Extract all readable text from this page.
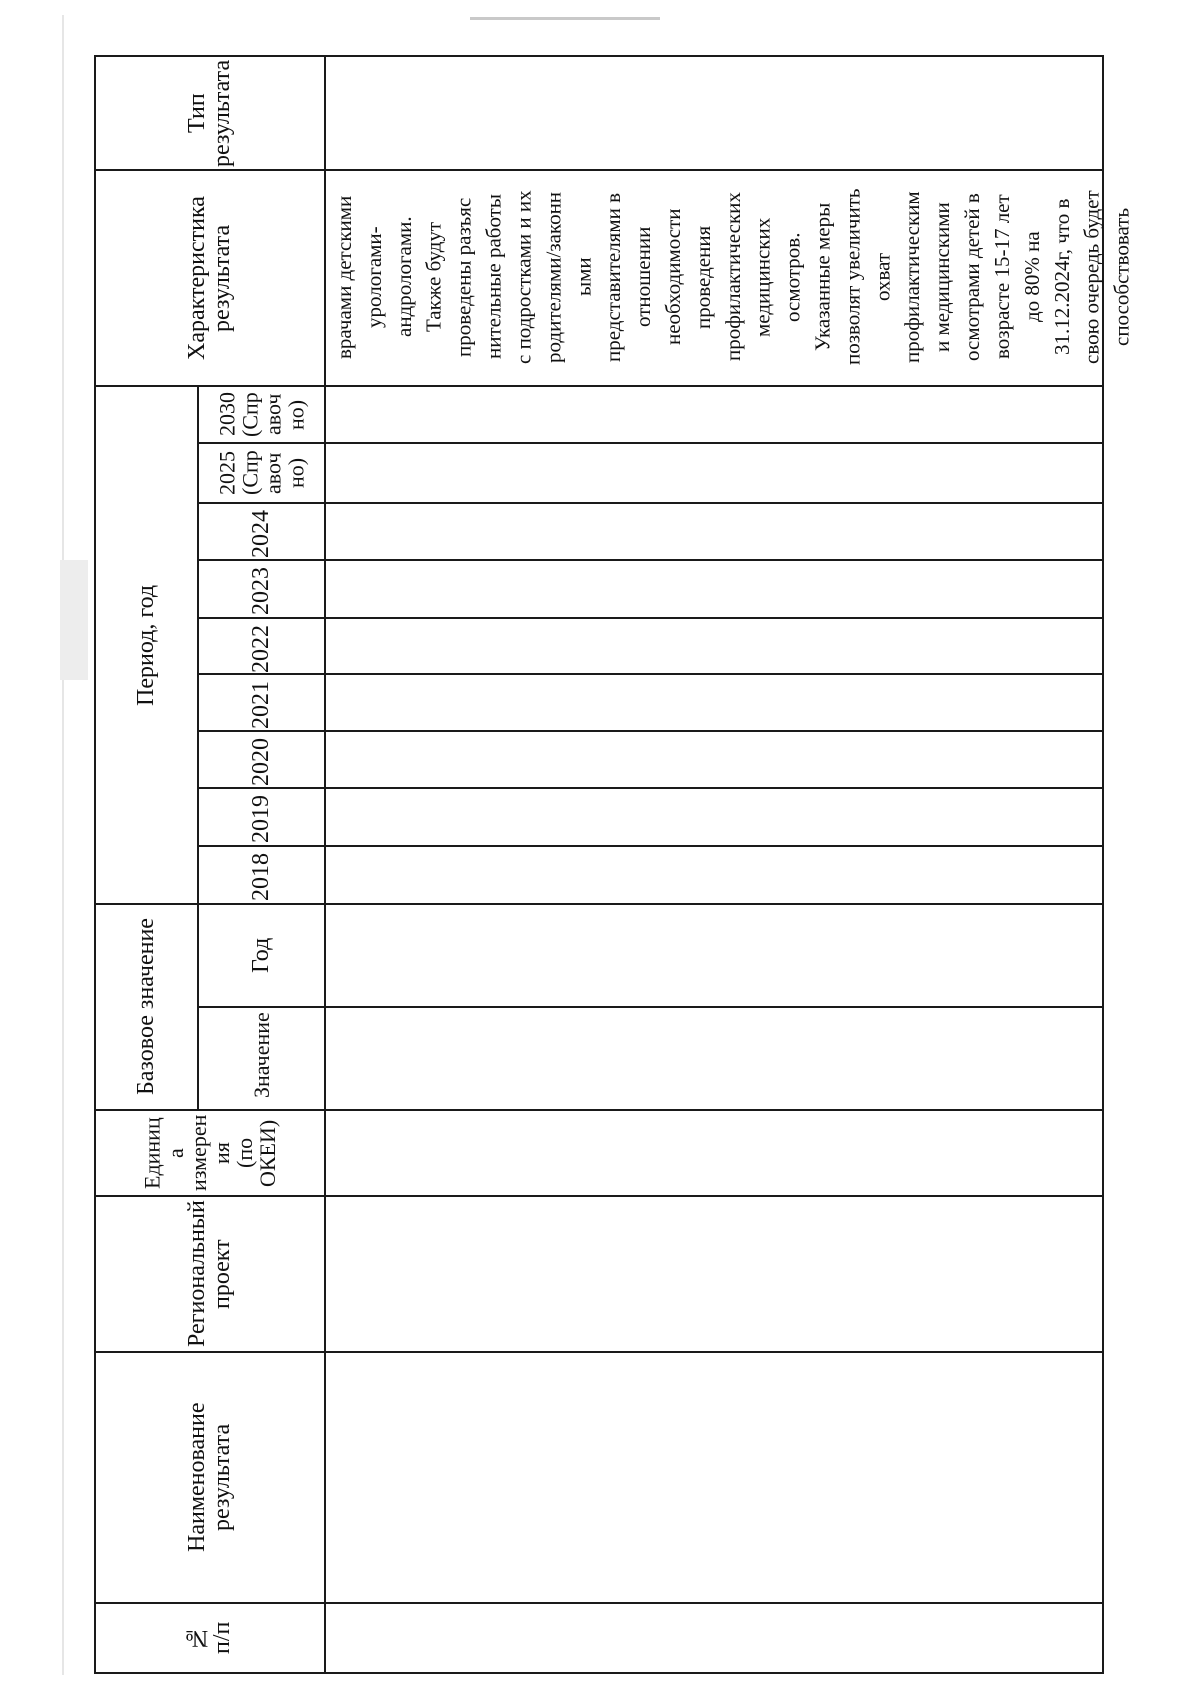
Тип результата
Характеристика результата
Период, год
2030
(Спр
авоч
но)
2025
(Спр
авоч
но)
2024
2023
2022
2021
2020
2019
2018
Базовое значение	Год
Значение
Единиц
а
измерен
ия
(по
ОКЕИ)
Региональный проект
Наименование результата
№ п/п
врачами детскими урологами- андрологами. Также будут проведены разъяс нительные работы с подростками и их родителями/законн ыми представителями в отношении необходимости проведения профилактических медицинских осмотров. Указанные меры позволят увеличить охват профилактическим и медицинскими осмотрами детей в возрасте 15-17 лет до 80% на 31.12.2024г, что в свою очередь будет способствовать
